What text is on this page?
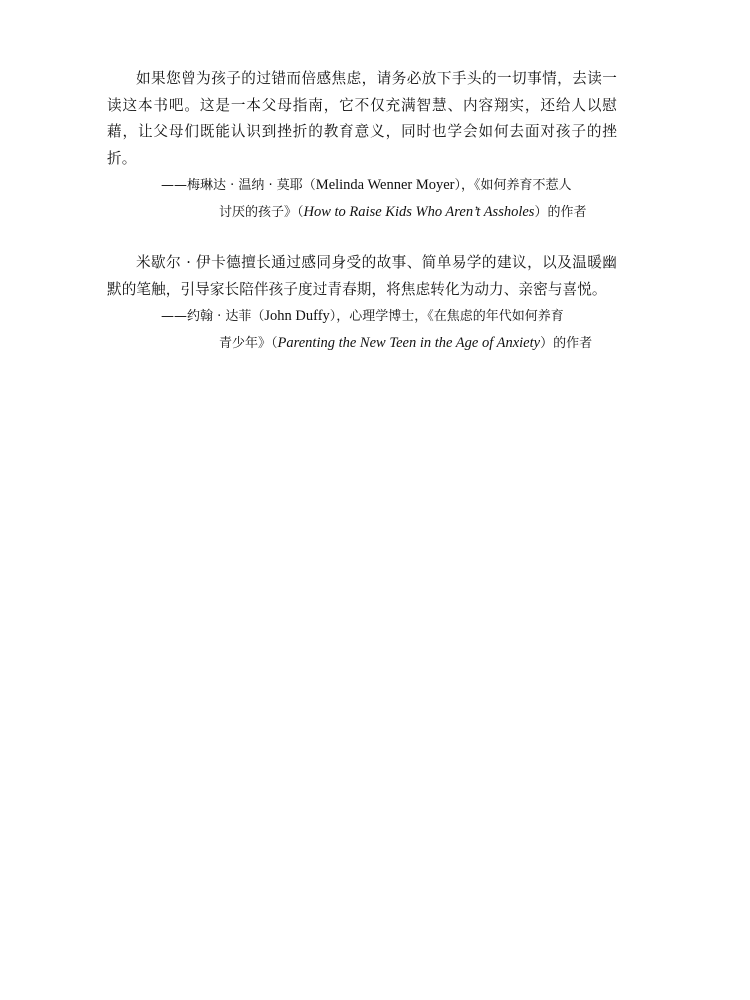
如果您曾为孩子的过错而倍感焦虑，请务必放下手头的一切事情，去读一读这本书吧。这是一本父母指南，它不仅充满智慧、内容翔实，还给人以慰藉，让父母们既能认识到挫折的教育意义，同时也学会如何去面对孩子的挫折。

——梅琳达 · 温纳 · 莫耶（Melinda Wenner Moyer），《如何养育不惹人

讨厌的孩子》（How to Raise Kids Who Aren’t Assholes）的作者

米歇尔 · 伊卡德擅长通过感同身受的故事、简单易学的建议，以及温暖幽默的笔触，引导家长陪伴孩子度过青春期，将焦虑转化为动力、亲密与喜悦。

——约翰 · 达菲（John Duffy），心理学博士，《在焦虑的年代如何养育

青少年》（Parenting the New Teen in the Age of Anxiety）的作者
